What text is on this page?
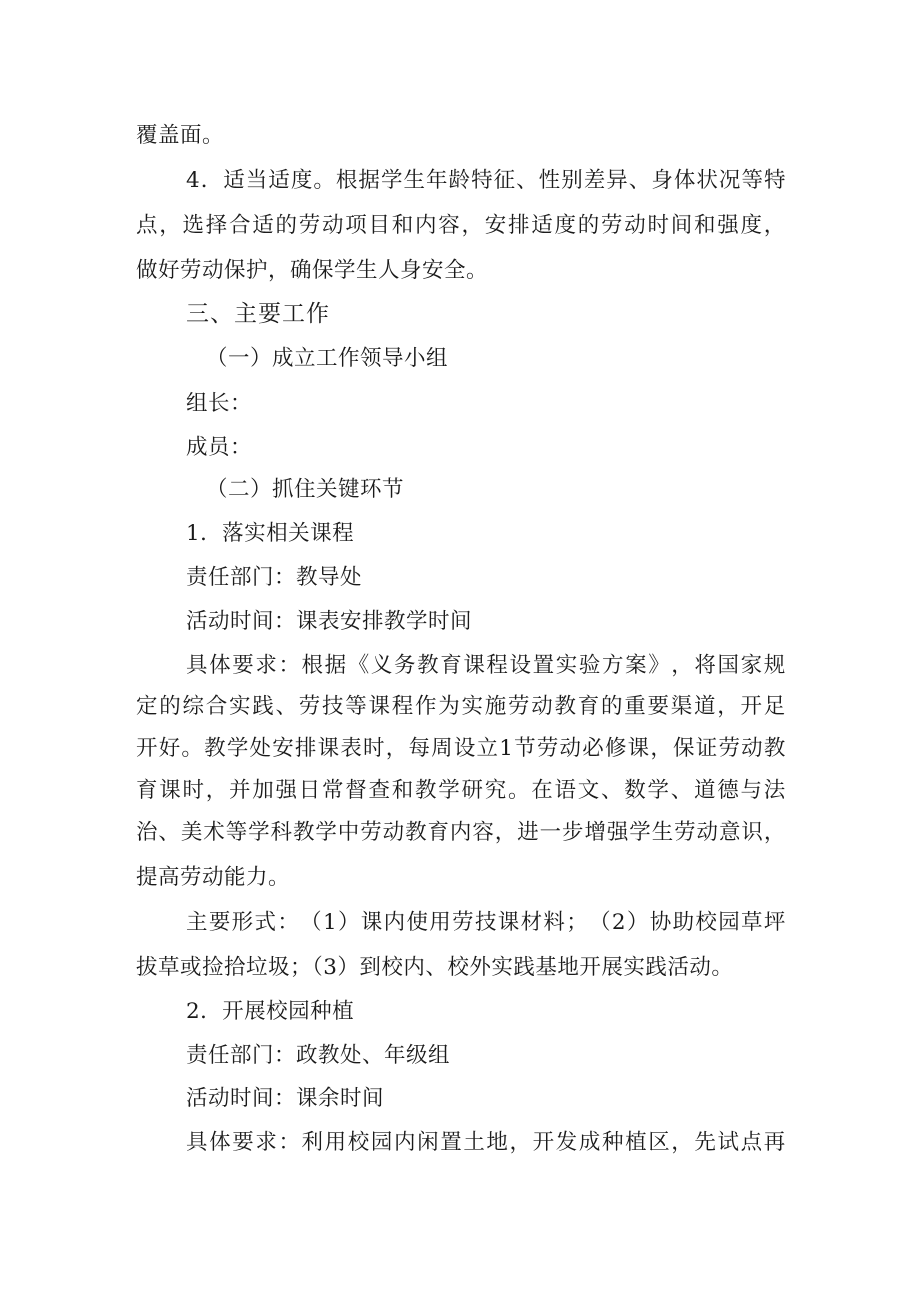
覆盖面。
4 ． 适 当 适 度 。 根 据 学 生 年 龄 特 征 、 性 别 差 异 、 身 体 状 况 等 特
点 ， 选 择 合 适 的 劳 动 项 目 和 内 容 ， 安 排 适 度 的 劳 动 时 间 和 强 度 ，
做好劳动保护，确保学生人身安全。
三、主要工作
（一）成立工作领导小组
组长：
成员：
（二）抓住关键环节
1．落实相关课程
责任部门：教导处
活动时间：课表安排教学时间
具 体 要 求 ： 根 据 《 义 务 教 育 课 程 设 置 实 验 方 案 》 ， 将 国 家 规
定 的 综 合 实 践 、 劳 技 等 课 程 作 为 实 施 劳 动 教 育 的 重 要 渠 道 ， 开 足
开 好 。 教 学 处 安 排 课 表 时 ， 每 周 设 立 1 节 劳 动 必 修 课 ， 保 证 劳 动 教
育 课 时 ， 并 加 强 日 常 督 查 和 教 学 研 究 。 在 语 文 、 数 学 、 道 德 与 法
治 、 美 术 等 学 科 教 学 中 劳 动 教 育 内 容 ， 进 一 步 增 强 学 生 劳 动 意 识 ，
提高劳动能力。
主 要 形 式 ： （ 1 ） 课 内 使 用 劳 技 课 材 料 ； （ 2 ） 协 助 校 园 草 坪
拔草或捡拾垃圾；（3）到校内、校外实践基地开展实践活动。
2．开展校园种植
责任部门：政教处、年级组
活动时间：课余时间
具 体 要 求 ： 利 用 校 园 内 闲 置 土 地 ， 开 发 成 种 植 区 ， 先 试 点 再
